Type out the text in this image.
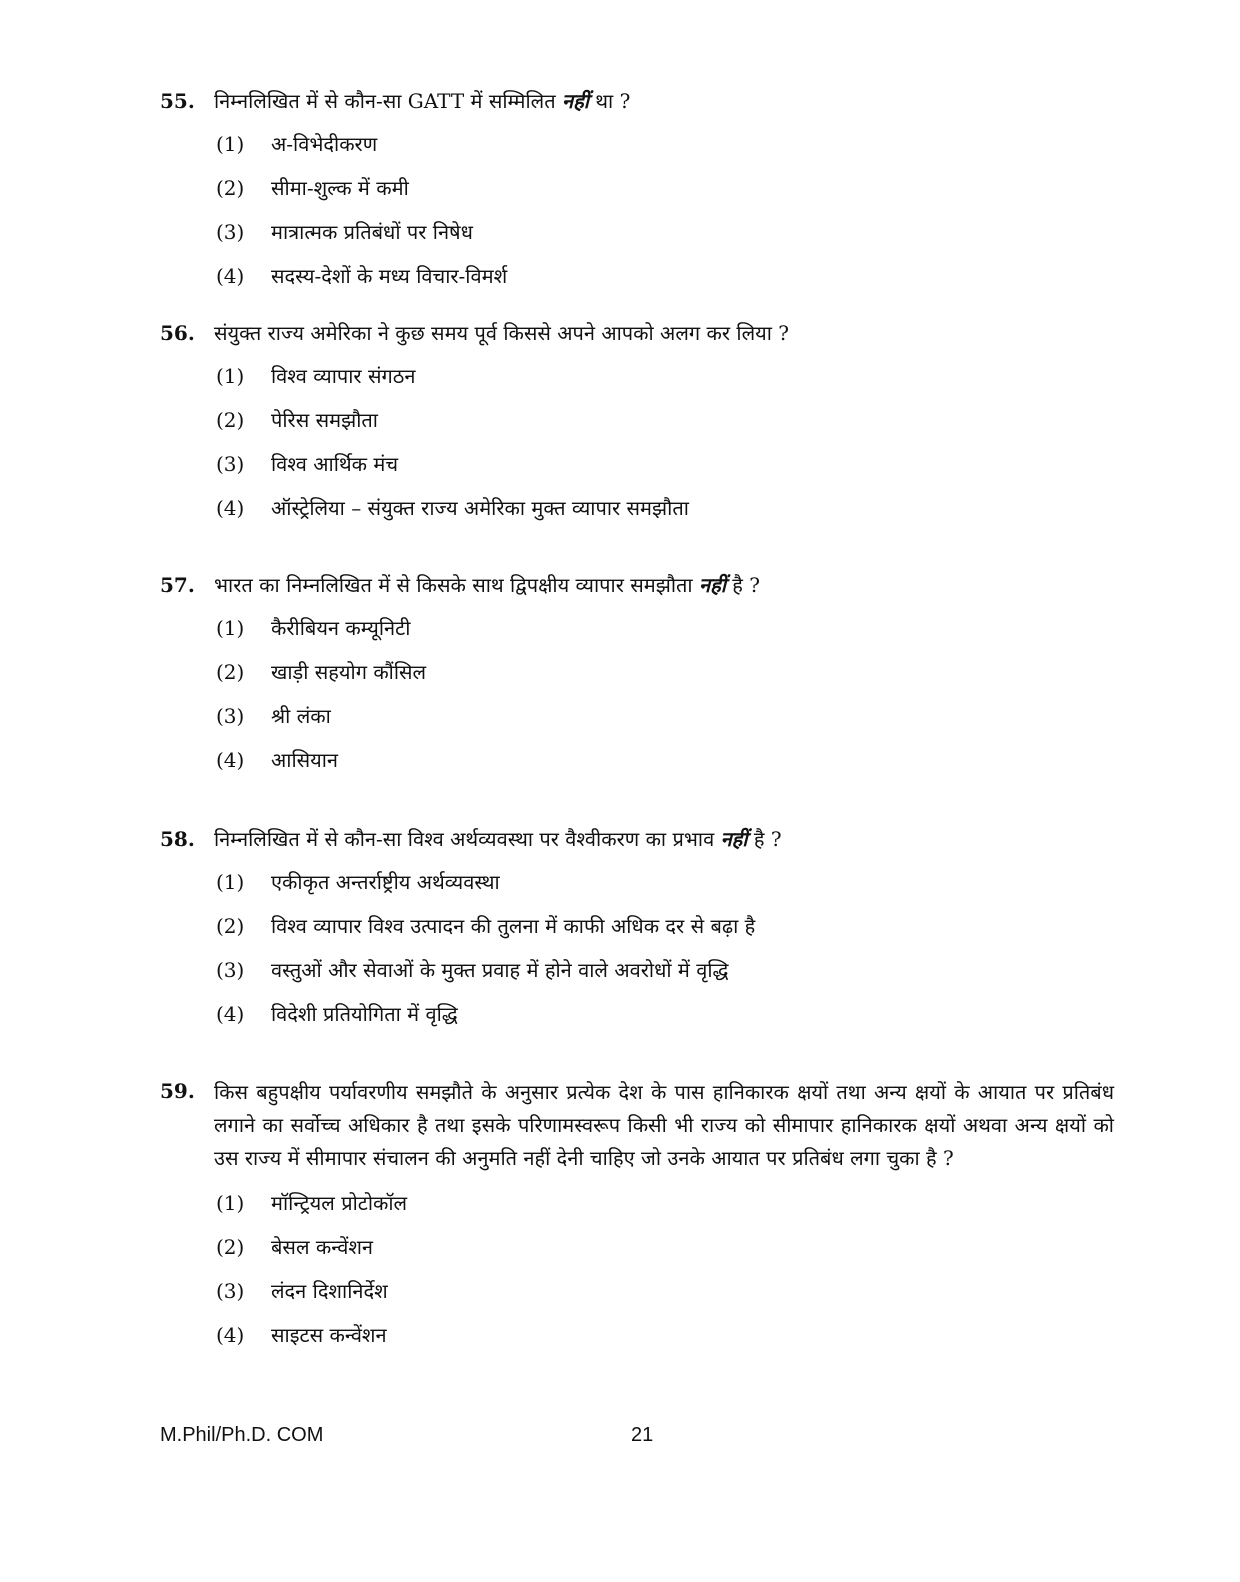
55. निम्नलिखित में से कौन-सा GATT में सम्मिलित नहीं था ?
(1)	अ-विभेदीकरण
(2)	सीमा-शुल्क में कमी
(3)	मात्रात्मक प्रतिबंधों पर निषेध
(4)	सदस्य-देशों के मध्य विचार-विमर्श
56. संयुक्त राज्य अमेरिका ने कुछ समय पूर्व किससे अपने आपको अलग कर लिया ?
(1)	विश्व व्यापार संगठन
(2)	पेरिस समझौता
(3)	विश्व आर्थिक मंच
(4)	ऑस्ट्रेलिया – संयुक्त राज्य अमेरिका मुक्त व्यापार समझौता
57. भारत का निम्नलिखित में से किसके साथ द्विपक्षीय व्यापार समझौता नहीं है ?
(1)	कैरीबियन कम्यूनिटी
(2)	खाड़ी सहयोग कौंसिल
(3)	श्री लंका
(4)	आसियान
58. निम्नलिखित में से कौन-सा विश्व अर्थव्यवस्था पर वैश्वीकरण का प्रभाव नहीं है ?
(1)	एकीकृत अन्तर्राष्ट्रीय अर्थव्यवस्था
(2)	विश्व व्यापार विश्व उत्पादन की तुलना में काफी अधिक दर से बढ़ा है
(3)	वस्तुओं और सेवाओं के मुक्त प्रवाह में होने वाले अवरोधों में वृद्धि
(4)	विदेशी प्रतियोगिता में वृद्धि
59. किस बहुपक्षीय पर्यावरणीय समझौते के अनुसार प्रत्येक देश के पास हानिकारक क्षयों तथा अन्य क्षयों के आयात पर प्रतिबंध लगाने का सर्वोच्च अधिकार है तथा इसके परिणामस्वरूप किसी भी राज्य को सीमापार हानिकारक क्षयों अथवा अन्य क्षयों को उस राज्य में सीमापार संचालन की अनुमति नहीं देनी चाहिए जो उनके आयात पर प्रतिबंध लगा चुका है ?
(1)	मॉन्ट्रियल प्रोटोकॉल
(2)	बेसल कन्वेंशन
(3)	लंदन दिशानिर्देश
(4)	साइटस कन्वेंशन
M.Phil/Ph.D. COM	21
